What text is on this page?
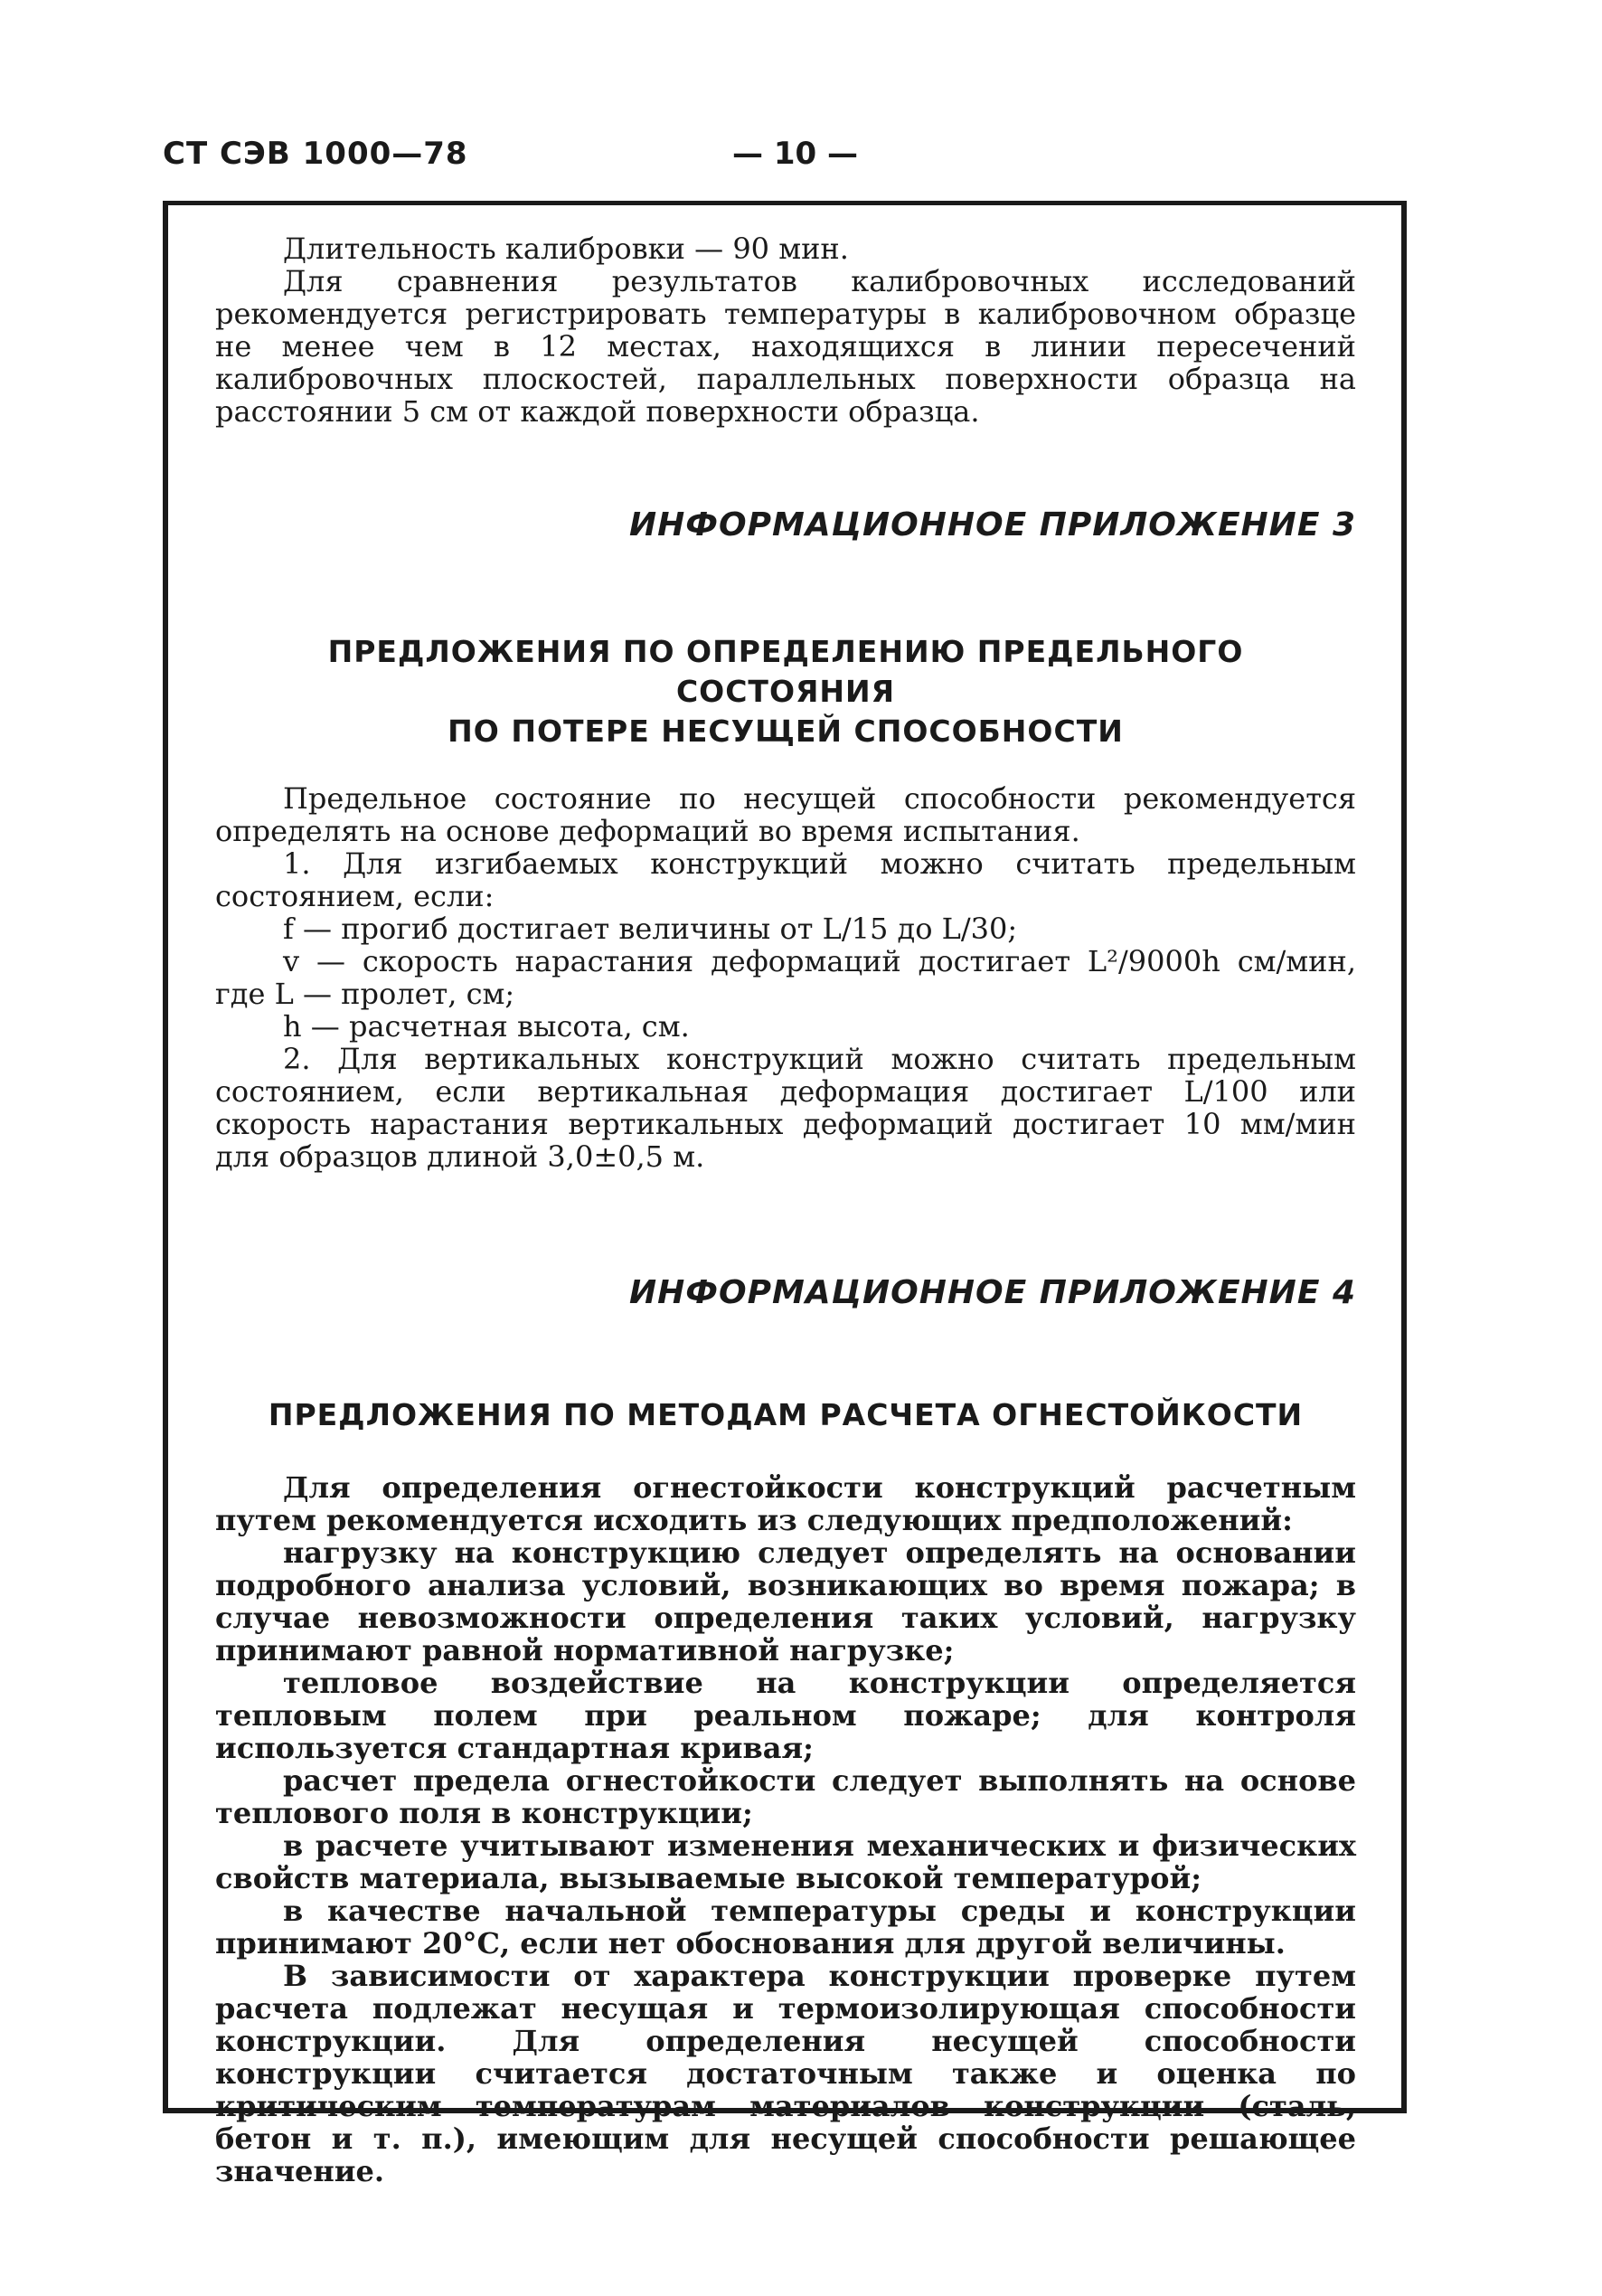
СТ СЭВ 1000—78	— 10 —

Длительность калибровки — 90 мин.

Для сравнения результатов калибровочных исследований рекомендуется регистрировать температуры в калибровочном образце не менее чем в 12 местах, находящихся в линии пересечений калибровочных плоскостей, параллельных поверхности образца на расстоянии 5 см от каждой поверхности образца.

ИНФОРМАЦИОННОЕ ПРИЛОЖЕНИЕ 3

ПРЕДЛОЖЕНИЯ ПО ОПРЕДЕЛЕНИЮ ПРЕДЕЛЬНОГО СОСТОЯНИЯ

ПО ПОТЕРЕ НЕСУЩЕЙ СПОСОБНОСТИ

Предельное состояние по несущей способности рекомендуется определять на основе деформаций во время испытания.

1. Для изгибаемых конструкций можно считать предельным состоянием, если:

f — прогиб достигает величины от L/15 до L/30;

v — скорость нарастания деформаций достигает L²/9000h см/мин, где L — пролет, см;

h — расчетная высота, см.

2. Для вертикальных конструкций можно считать предельным состоянием, если вертикальная деформация достигает L/100 или скорость нарастания вертикальных деформаций достигает 10 мм/мин для образцов длиной 3,0±0,5 м.

ИНФОРМАЦИОННОЕ ПРИЛОЖЕНИЕ 4

ПРЕДЛОЖЕНИЯ ПО МЕТОДАМ РАСЧЕТА ОГНЕСТОЙКОСТИ

Для определения огнестойкости конструкций расчетным путем рекомендуется исходить из следующих предположений:

нагрузку на конструкцию следует определять на основании подробного анализа условий, возникающих во время пожара; в случае невозможности определения таких условий, нагрузку принимают равной нормативной нагрузке;

тепловое воздействие на конструкции определяется тепловым полем при реальном пожаре; для контроля используется стандартная кривая;

расчет предела огнестойкости следует выполнять на основе теплового поля в конструкции;

в расчете учитывают изменения механических и физических свойств материала, вызываемые высокой температурой;

в качестве начальной температуры среды и конструкции принимают 20°С, если нет обоснования для другой величины.

В зависимости от характера конструкции проверке путем расчета подлежат несущая и термоизолирующая способности конструкции. Для определения несущей способности конструкции считается достаточным также и оценка по критическим температурам материалов конструкции (сталь, бетон и т. п.), имеющим для несущей способности решающее значение.
